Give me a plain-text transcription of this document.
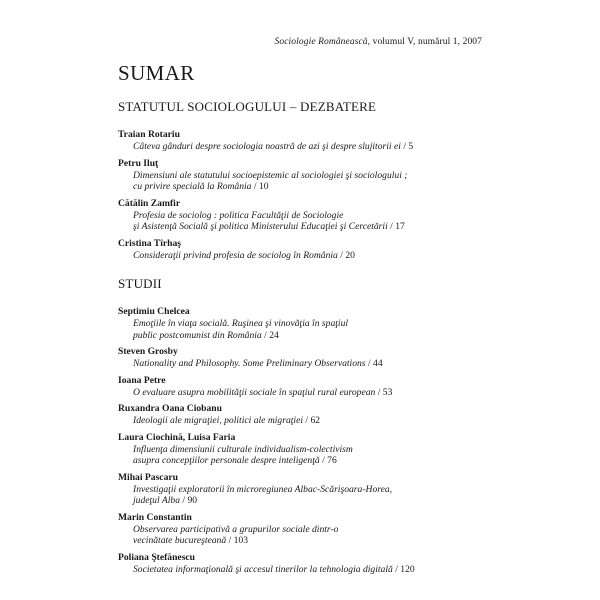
Sociologie Românească, volumul V, numărul 1, 2007
SUMAR
STATUTUL SOCIOLOGULUI – DEZBATERE
Traian Rotariu
Câteva gânduri despre sociologia noastră de azi şi despre slujitorii ei / 5
Petru Iluţ
Dimensiuni ale statutului socioepistemic al sociologiei şi sociologului ;
cu privire specială la România / 10
Cătălin Zamfir
Profesia de sociolog : politica Facultăţii de Sociologie
şi Asistenţă Socială şi politica Ministerului Educaţiei şi Cercetării / 17
Cristina Tîrhaş
Consideraţii privind profesia de sociolog în România / 20
STUDII
Septimiu Chelcea
Emoţiile în viaţa socială. Ruşinea şi vinovăţia în spaţiul
public postcomunist din România / 24
Steven Grosby
Nationality and Philosophy. Some Preliminary Observations / 44
Ioana Petre
O evaluare asupra mobilităţii sociale în spaţiul rural european / 53
Ruxandra Oana Ciobanu
Ideologii ale migraţiei, politici ale migraţiei / 62
Laura Ciochină, Luisa Faria
Influenţa dimensiunii culturale individualism-colectivism
asupra concepţiilor personale despre inteligenţă / 76
Mihai Pascaru
Investigaţii exploratorii în microregiunea Albac-Scărişoara-Horea,
judeţul Alba / 90
Marin Constantin
Observarea participativă a grupurilor sociale dintr-o
vecinătate bucureşteană / 103
Poliana Ştefănescu
Societatea informaţională şi accesul tinerilor la tehnologia digitală / 120
